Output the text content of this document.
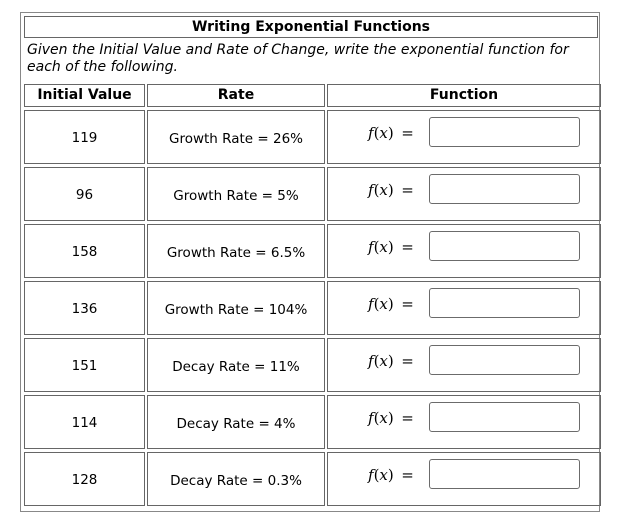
Writing Exponential Functions
Given the Initial Value and Rate of Change, write the exponential function for each of the following.
Initial Value	Rate	Function
119	Growth Rate = 26%	f(x)  =
96	Growth Rate = 5%	f(x)  =
158	Growth Rate = 6.5%	f(x)  =
136	Growth Rate = 104%	f(x)  =
151	Decay Rate = 11%	f(x)  =
114	Decay Rate = 4%	f(x)  =
128	Decay Rate = 0.3%	f(x)  =
